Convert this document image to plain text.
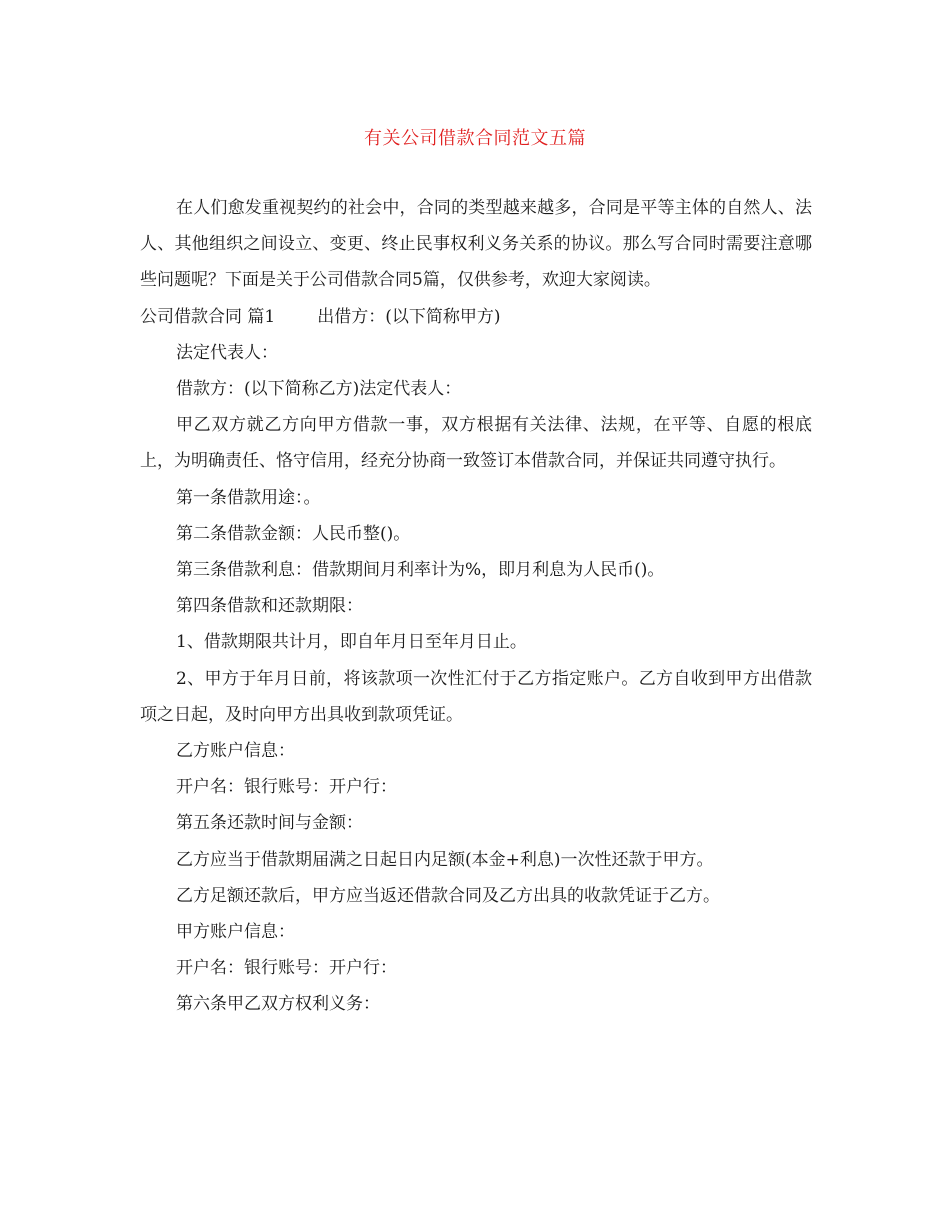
有关公司借款合同范文五篇

在人们愈发重视契约的社会中，合同的类型越来越多，合同是平等主体的自然人、法人、其他组织之间设立、变更、终止民事权利义务关系的协议。那么写合同时需要注意哪些问题呢？下面是关于公司借款合同5篇，仅供参考，欢迎大家阅读。

公司借款合同 篇1 出借方：(以下简称甲方)

法定代表人：

借款方：(以下简称乙方)法定代表人：

甲乙双方就乙方向甲方借款一事，双方根据有关法律、法规，在平等、自愿的根底上，为明确责任、恪守信用，经充分协商一致签订本借款合同，并保证共同遵守执行。

第一条借款用途：。

第二条借款金额：人民币整()。

第三条借款利息：借款期间月利率计为%，即月利息为人民币()。

第四条借款和还款期限：

1、借款期限共计月，即自年月日至年月日止。

2、甲方于年月日前，将该款项一次性汇付于乙方指定账户。乙方自收到甲方出借款项之日起，及时向甲方出具收到款项凭证。

乙方账户信息：

开户名：银行账号：开户行：

第五条还款时间与金额：

乙方应当于借款期届满之日起日内足额(本金+利息)一次性还款于甲方。

乙方足额还款后，甲方应当返还借款合同及乙方出具的收款凭证于乙方。

甲方账户信息：

开户名：银行账号：开户行：

第六条甲乙双方权利义务：
